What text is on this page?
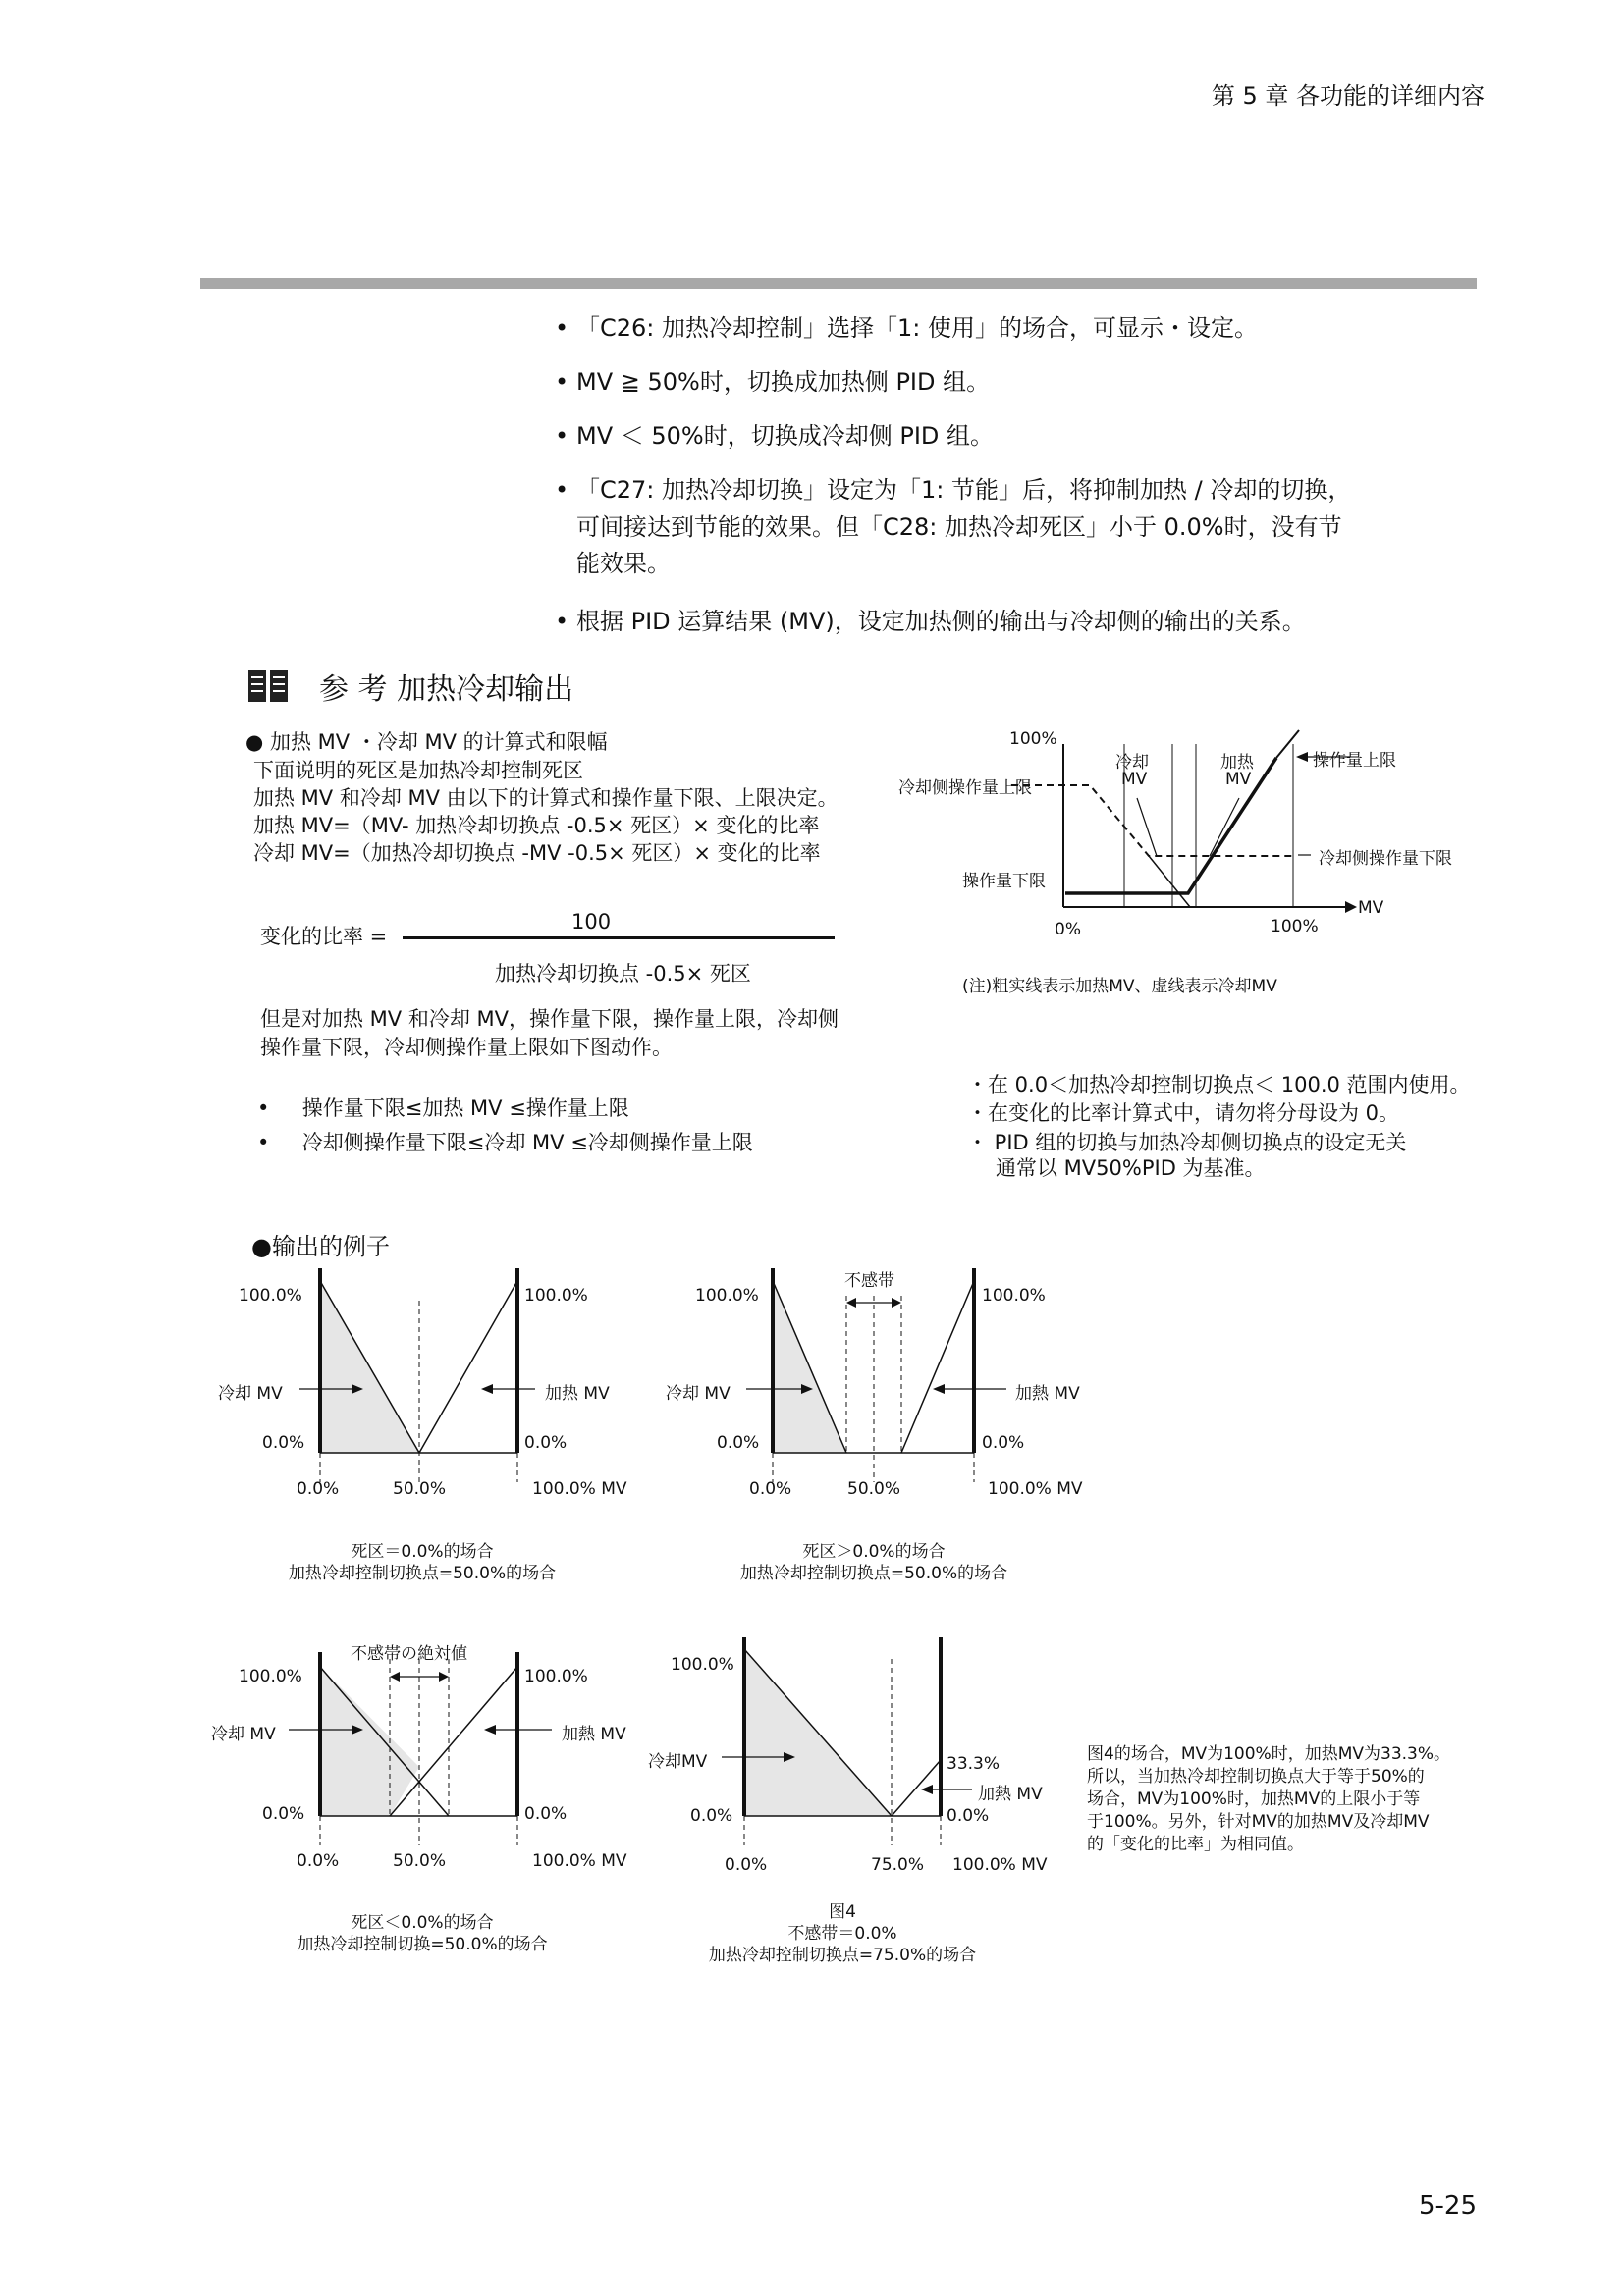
第 5 章 各功能的详细内容
• 「C26: 加热冷却控制」选择「1: 使用」的场合，可显示・设定。
• MV ≧ 50%时，切换成加热侧 PID 组。
• MV ＜ 50%时，切换成冷却侧 PID 组。
• 「C27: 加热冷却切换」设定为「1: 节能」后，将抑制加热 / 冷却的切换，
可间接达到节能的效果。但「C28: 加热冷却死区」小于 0.0%时，没有节
能效果。
• 根据 PID 运算结果 (MV)，设定加热侧的输出与冷却侧的输出的关系。
参 考 加热冷却输出
● 加热 MV ・冷却 MV 的计算式和限幅
下面说明的死区是加热冷却控制死区
加热 MV 和冷却 MV 由以下的计算式和操作量下限、上限决定。
加热 MV=（MV- 加热冷却切换点 -0.5× 死区）× 变化的比率
冷却 MV=（加热冷却切换点 -MV -0.5× 死区）× 变化的比率
变化的比率 =
100
加热冷却切换点 -0.5× 死区
但是对加热 MV 和冷却 MV，操作量下限，操作量上限，冷却侧
操作量下限，冷却侧操作量上限如下图动作。
•     操作量下限≤加热 MV ≤操作量上限
•     冷却侧操作量下限≤冷却 MV ≤冷却侧操作量上限
100%
冷却侧操作量上限
操作量下限
冷却
MV
加热
MV
操作量上限
冷却侧操作量下限
0%	100%
MV
(注)粗实线表示加热MV、虚线表示冷却MV
・在 0.0＜加热冷却控制切换点＜ 100.0 范围内使用。
・在变化的比率计算式中，请勿将分母设为 0。
・ PID 组的切换与加热冷却侧切换点的设定无关
通常以 MV50%PID 为基准。
●输出的例子
100.0%	100.0%
冷却 MV	加热 MV
0.0%	0.0%
0.0%	50.0%	100.0% MV
死区＝0.0%的场合
加热冷却控制切换点=50.0%的场合
不感带
100.0%	100.0%
冷却 MV	加熱 MV
0.0%	0.0%
0.0%	50.0%	100.0% MV
死区＞0.0%的场合
加热冷却控制切换点=50.0%的场合
不感帯の絶対値
100.0%	100.0%
冷却 MV	加熱 MV
0.0%	0.0%
0.0%	50.0%	100.0% MV
死区＜0.0%的场合
加热冷却控制切换=50.0%的场合
100.0%
冷却MV	33.3%
加熱 MV
0.0%	0.0%
0.0%	75.0% 100.0% MV
图4
不感带＝0.0%
加热冷却控制切换点=75.0%的场合
图4的场合，MV为100%时，加热MV为33.3%。
所以，当加热冷却控制切换点大于等于50%的
场合，MV为100%时，加热MV的上限小于等
于100%。另外，针对MV的加热MV及冷却MV
的「变化的比率」为相同值。
5-25
